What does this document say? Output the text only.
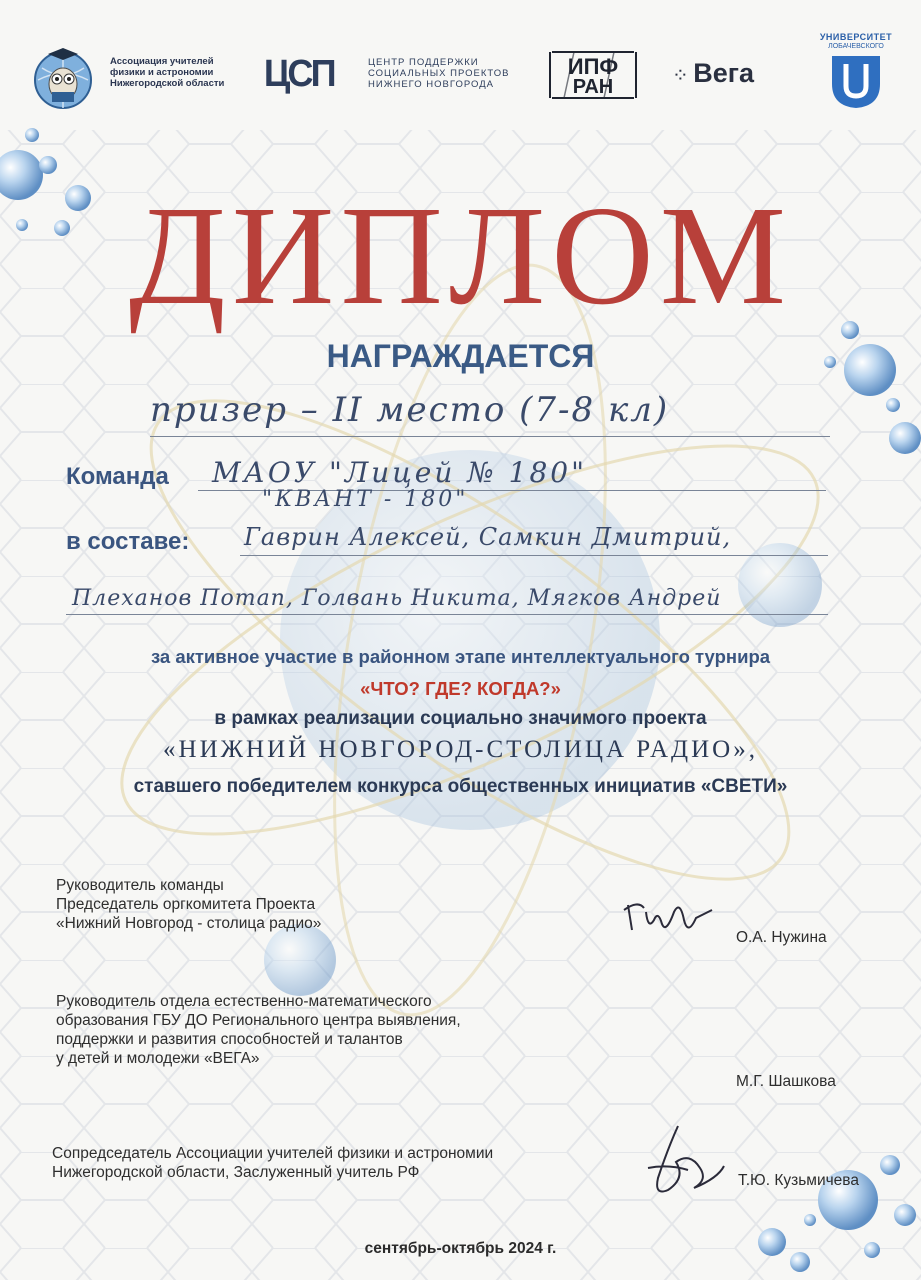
Ассоциация учителей
физики и астрономии
Нижегородской области ЦСП	ЦЕНТР ПОДДЕРЖКИ
СОЦИАЛЬНЫХ ПРОЕКТОВ
НИЖНЕГО НОВГОРОДА
ИПФ
РАН	⁘ Вега
УНИВЕРСИТЕТ
ЛОБАЧЕВСКОГО
ДИПЛОМ
НАГРАЖДАЕТСЯ
призер – II место (7-8 кл)
Команда МАОУ "Лицей № 180"
"КВАНТ - 180"
в составе: Гаврин Алексей, Самкин Дмитрий,
Плеханов Потап, Голвань Никита, Мягков Андрей
за активное участие в районном этапе интеллектуального турнира
«ЧТО? ГДЕ? КОГДА?»
в рамках реализации социально значимого проекта
«НИЖНИЙ НОВГОРОД-СТОЛИЦА РАДИО»,
ставшего победителем конкурса общественных инициатив «СВЕТИ»
Руководитель команды
Председатель оргкомитета Проекта
«Нижний Новгород - столица радио»
О.А. Нужина
Руководитель отдела естественно-математического
образования ГБУ ДО Регионального центра выявления,
поддержки и развития способностей и талантов
у детей и молодежи «ВЕГА»
М.Г. Шашкова
Сопредседатель Ассоциации учителей физики и астрономии
Нижегородской области, Заслуженный учитель РФ	Т.Ю. Кузьмичева
сентябрь-октябрь 2024 г.
